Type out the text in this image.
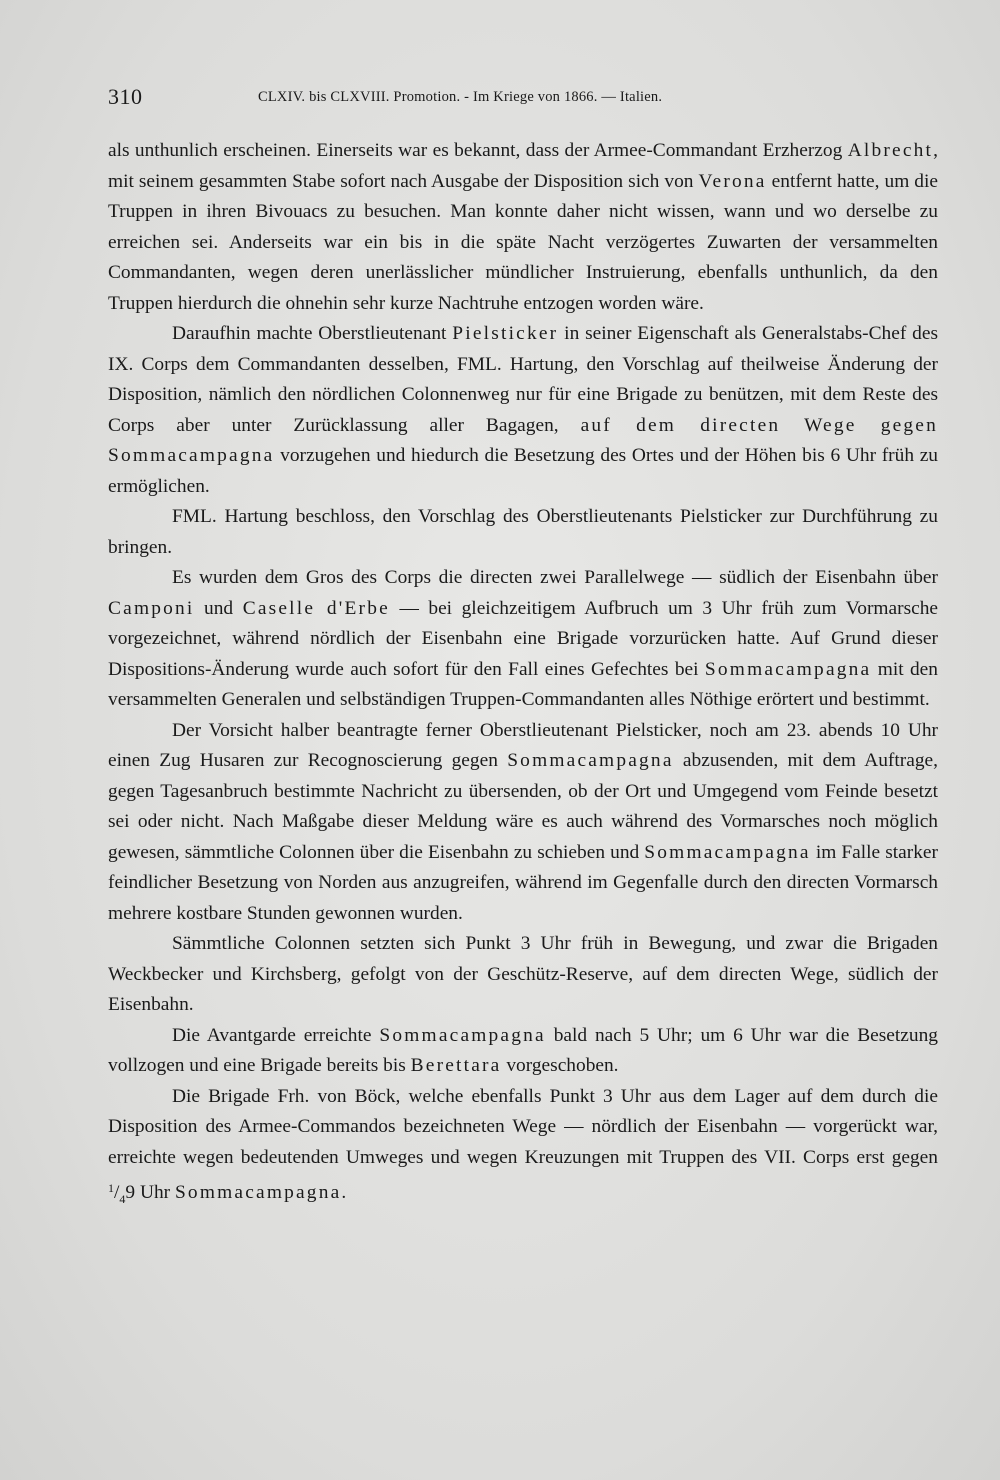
310	CLXIV. bis CLXVIII. Promotion. - Im Kriege von 1866. — Italien.

als unthunlich erscheinen. Einerseits war es bekannt, dass der Armee-Commandant Erzherzog Albrecht, mit seinem gesammten Stabe sofort nach Ausgabe der Disposition sich von Verona entfernt hatte, um die Truppen in ihren Bivouacs zu besuchen. Man konnte daher nicht wissen, wann und wo derselbe zu erreichen sei. Anderseits war ein bis in die späte Nacht verzögertes Zuwarten der versammelten Commandanten, wegen deren unerlässlicher mündlicher Instruierung, ebenfalls unthunlich, da den Truppen hierdurch die ohnehin sehr kurze Nachtruhe entzogen worden wäre.

Daraufhin machte Oberstlieutenant Pielsticker in seiner Eigenschaft als Generalstabs-Chef des IX. Corps dem Commandanten desselben, FML. Hartung, den Vorschlag auf theilweise Änderung der Disposition, nämlich den nördlichen Colonnenweg nur für eine Brigade zu benützen, mit dem Reste des Corps aber unter Zurücklassung aller Bagagen, auf dem directen Wege gegen Sommacampagna vorzugehen und hiedurch die Besetzung des Ortes und der Höhen bis 6 Uhr früh zu ermöglichen.

FML. Hartung beschloss, den Vorschlag des Oberstlieutenants Pielsticker zur Durchführung zu bringen.

Es wurden dem Gros des Corps die directen zwei Parallelwege — südlich der Eisenbahn über Camponi und Caselle d'Erbe — bei gleichzeitigem Aufbruch um 3 Uhr früh zum Vormarsche vorgezeichnet, während nördlich der Eisenbahn eine Brigade vorzurücken hatte. Auf Grund dieser Dispositions-Änderung wurde auch sofort für den Fall eines Gefechtes bei Sommacampagna mit den versammelten Generalen und selbständigen Truppen-Commandanten alles Nöthige erörtert und bestimmt.

Der Vorsicht halber beantragte ferner Oberstlieutenant Pielsticker, noch am 23. abends 10 Uhr einen Zug Husaren zur Recognoscierung gegen Sommacampagna abzusenden, mit dem Auftrage, gegen Tagesanbruch bestimmte Nachricht zu übersenden, ob der Ort und Umgegend vom Feinde besetzt sei oder nicht. Nach Maßgabe dieser Meldung wäre es auch während des Vormarsches noch möglich gewesen, sämmtliche Colonnen über die Eisenbahn zu schieben und Sommacampagna im Falle starker feindlicher Besetzung von Norden aus anzugreifen, während im Gegenfalle durch den directen Vormarsch mehrere kostbare Stunden gewonnen wurden.

Sämmtliche Colonnen setzten sich Punkt 3 Uhr früh in Bewegung, und zwar die Brigaden Weckbecker und Kirchsberg, gefolgt von der Geschütz-Reserve, auf dem directen Wege, südlich der Eisenbahn.

Die Avantgarde erreichte Sommacampagna bald nach 5 Uhr; um 6 Uhr war die Besetzung vollzogen und eine Brigade bereits bis Berettara vorgeschoben.

Die Brigade Frh. von Böck, welche ebenfalls Punkt 3 Uhr aus dem Lager auf dem durch die Disposition des Armee-Commandos bezeichneten Wege — nördlich der Eisenbahn — vorgerückt war, erreichte wegen bedeutenden Umweges und wegen Kreuzungen mit Truppen des VII. Corps erst gegen $^1/_49$ Uhr Sommacampagna.
